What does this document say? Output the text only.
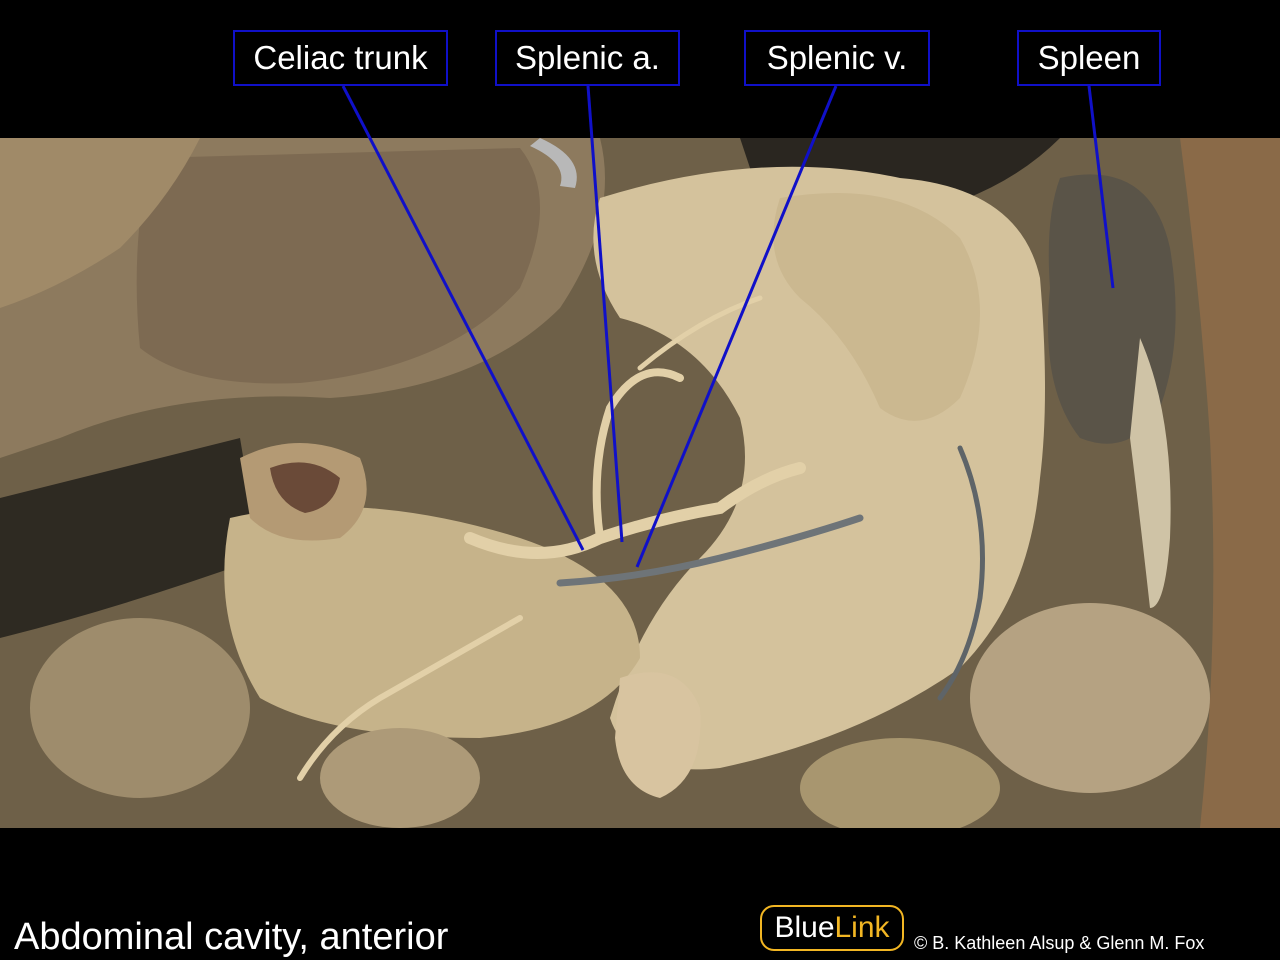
Celiac trunk	Splenic a.	Splenic v.	Spleen
Abdominal cavity, anterior	BlueLink	© B. Kathleen Alsup & Glenn M. Fox
